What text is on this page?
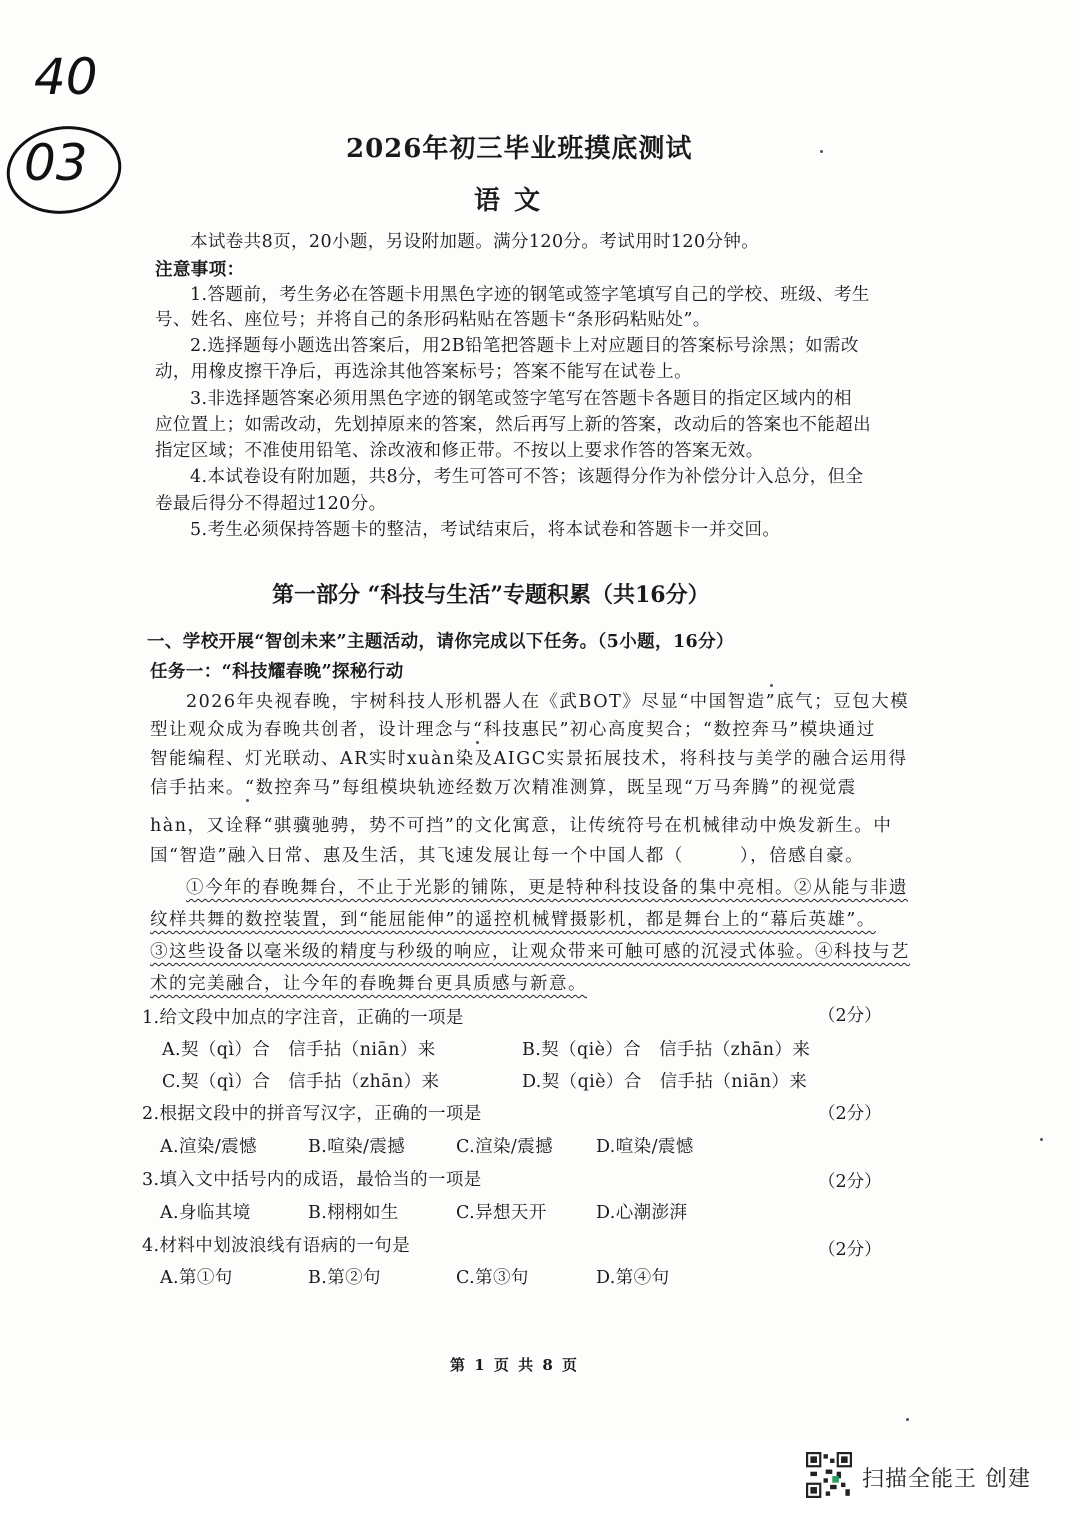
40
03	2026年初三毕业班摸底测试
语文
本试卷共8页，20小题，另设附加题。满分120分。考试用时120分钟。
注意事项：
1.答题前，考生务必在答题卡用黑色字迹的钢笔或签字笔填写自己的学校、班级、考生
号、姓名、座位号；并将自己的条形码粘贴在答题卡“条形码粘贴处”。
2.选择题每小题选出答案后，用2B铅笔把答题卡上对应题目的答案标号涂黑；如需改
动，用橡皮擦干净后，再选涂其他答案标号；答案不能写在试卷上。
3.非选择题答案必须用黑色字迹的钢笔或签字笔写在答题卡各题目的指定区域内的相
应位置上；如需改动，先划掉原来的答案，然后再写上新的答案，改动后的答案也不能超出
指定区域；不准使用铅笔、涂改液和修正带。不按以上要求作答的答案无效。
4.本试卷设有附加题，共8分，考生可答可不答；该题得分作为补偿分计入总分，但全
卷最后得分不得超过120分。
5.考生必须保持答题卡的整洁，考试结束后，将本试卷和答题卡一并交回。
第一部分 “科技与生活”专题积累（共16分）
一、学校开展“智创未来”主题活动，请你完成以下任务。（5小题，16分）
任务一：“科技耀春晚”探秘行动
2026年央视春晚，宇树科技人形机器人在《武BOT》尽显“中国智造”底气；豆包大模
型让观众成为春晚共创者，设计理念与“科技惠民”初心高度契合；“数控奔马”模块通过
智能编程、灯光联动、AR实时xuàn染及AIGC实景拓展技术，将科技与美学的融合运用得
信手拈来。“数控奔马”每组模块轨迹经数万次精准测算，既呈现“万马奔腾”的视觉震
hàn，又诠释“骐骥驰骋，势不可挡”的文化寓意，让传统符号在机械律动中焕发新生。中
国“智造”融入日常、惠及生活，其飞速发展让每一个中国人都（	），倍感自豪。
①今年的春晚舞台，不止于光影的铺陈，更是特种科技设备的集中亮相。②从能与非遗
纹样共舞的数控装置，到“能屈能伸”的遥控机械臂摄影机，都是舞台上的“幕后英雄”。
③这些设备以毫米级的精度与秒级的响应，让观众带来可触可感的沉浸式体验。④科技与艺
术的完美融合，让今年的春晚舞台更具质感与新意。
1.给文段中加点的字注音，正确的一项是	（2分）
A.契（qì）合　信手拈（niān）来	B.契（qiè）合　信手拈（zhān）来
C.契（qì）合　信手拈（zhān）来	D.契（qiè）合　信手拈（niān）来
2.根据文段中的拼音写汉字，正确的一项是	（2分）
A.渲染/震憾	B.喧染/震撼	C.渲染/震撼 D.喧染/震憾
3.填入文中括号内的成语，最恰当的一项是	（2分）
A.身临其境	B.栩栩如生	C.异想天开	D.心潮澎湃
4.材料中划波浪线有语病的一句是	（2分）
A.第①句	B.第②句	C.第③句	D.第④句
第 1 页 共 8 页
扫描全能王 创建
